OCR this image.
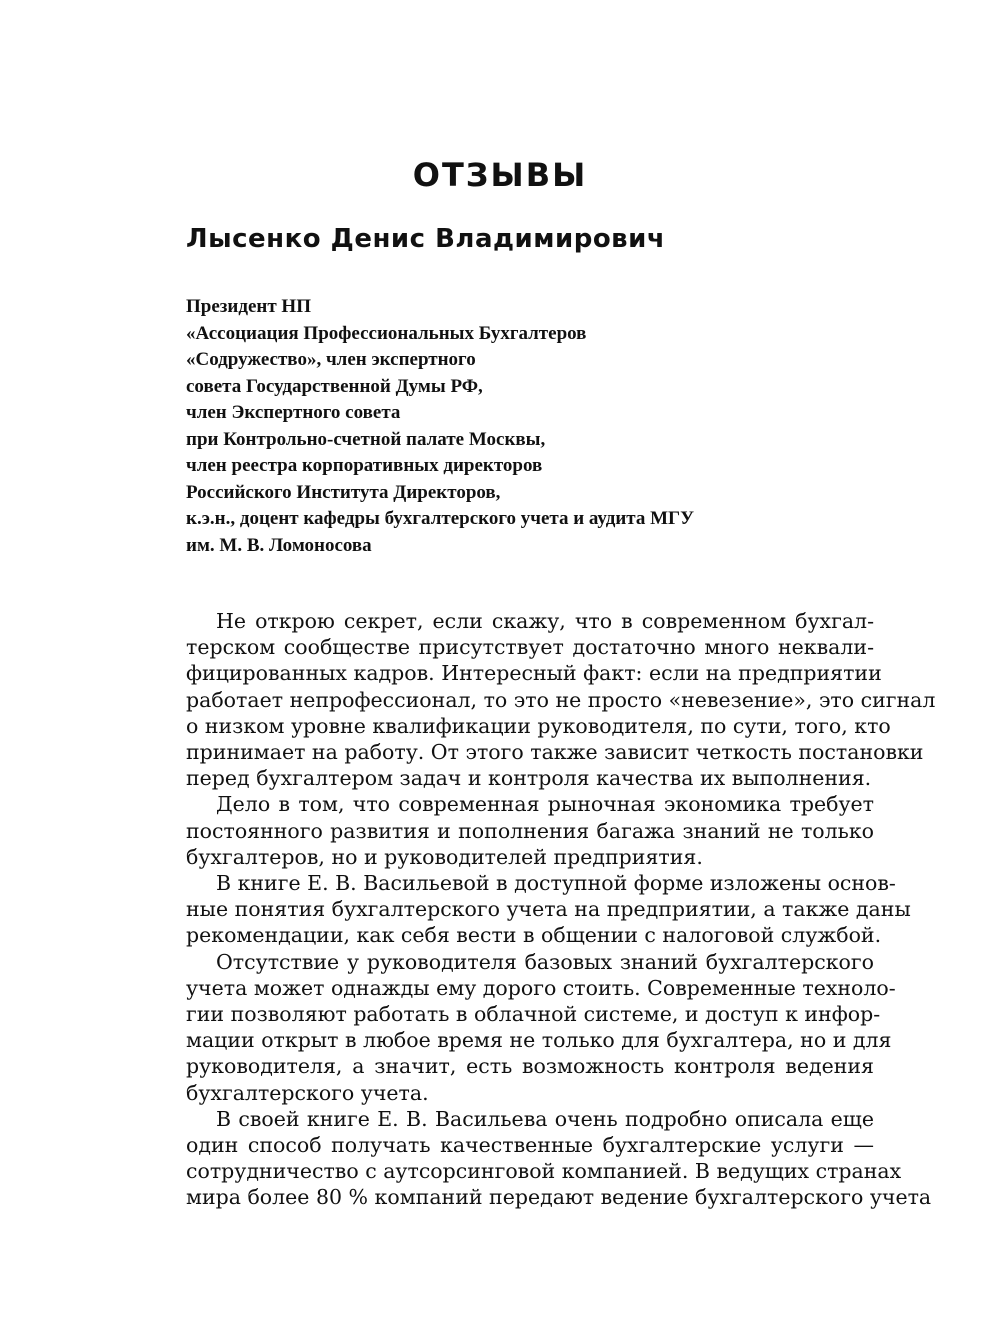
ОТЗЫВЫ
Лысенко Денис Владимирович
Президент НП
«Ассоциация Профессиональных Бухгалтеров
«Содружество», член экспертного
совета Государственной Думы РФ,
член Экспертного совета
при Контрольно-счетной палате Москвы,
член реестра корпоративных директоров
Российского Института Директоров,
к.э.н., доцент кафедры бухгалтерского учета и аудита МГУ
им. М. В. Ломоносова
Не открою секрет, если скажу, что в современном бухгал-
терском сообществе присутствует достаточно много неквали-
фицированных кадров. Интересный факт: если на предприятии
работает непрофессионал, то это не просто «невезение», это сигнал
о низком уровне квалификации руководителя, по сути, того, кто
принимает на работу. От этого также зависит четкость постановки
перед бухгалтером задач и контроля качества их выполнения.
Дело в том, что современная рыночная экономика требует
постоянного развития и пополнения багажа знаний не только
бухгалтеров, но и руководителей предприятия.
В книге Е. В. Васильевой в доступной форме изложены основ-
ные понятия бухгалтерского учета на предприятии, а также даны
рекомендации, как себя вести в общении с налоговой службой.
Отсутствие у руководителя базовых знаний бухгалтерского
учета может однажды ему дорого стоить. Современные техноло-
гии позволяют работать в облачной системе, и доступ к инфор-
мации открыт в любое время не только для бухгалтера, но и для
руководителя, а значит, есть возможность контроля ведения
бухгалтерского учета.
В своей книге Е. В. Васильева очень подробно описала еще
один способ получать качественные бухгалтерские услуги —
сотрудничество с аутсорсинговой компанией. В ведущих странах
мира более 80 % компаний передают ведение бухгалтерского учета
